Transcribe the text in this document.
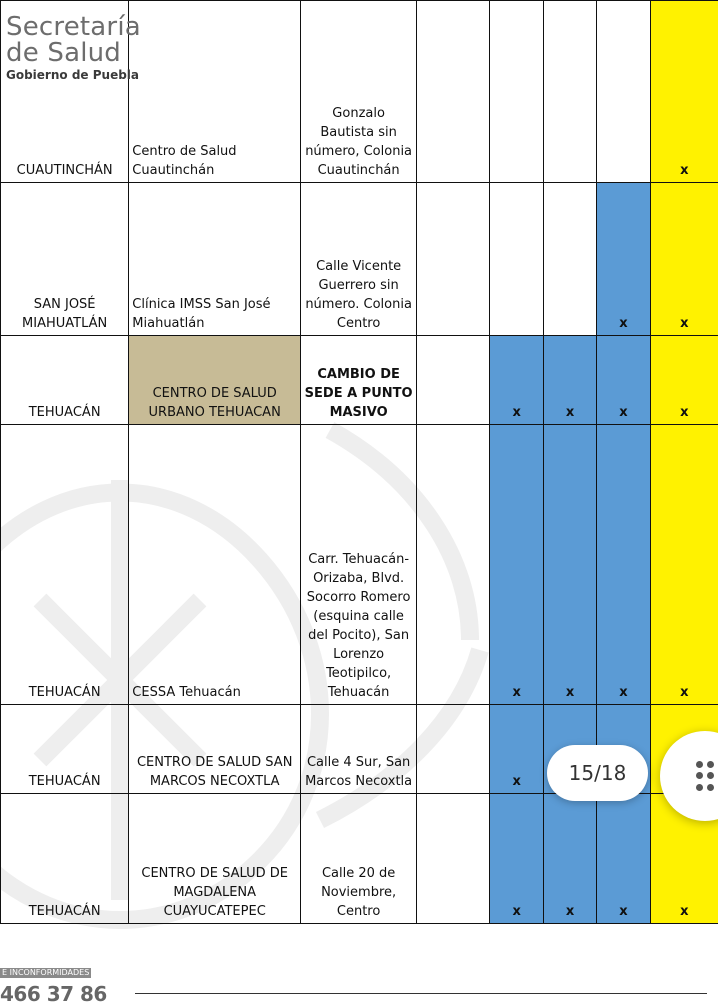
CUAUTINCHÁN	Centro de Salud Cuautinchán	Gonzalo Bautista sin número, Colonia Cuautinchán					x
SAN JOSÉ MIAHUATLÁN	Clínica IMSS San José Miahuatlán	Calle Vicente Guerrero sin número. Colonia Centro				x	x
TEHUACÁN	CENTRO DE SALUD URBANO TEHUACAN	CAMBIO DE SEDE A PUNTO MASIVO		x	x	x	x
TEHUACÁN	CESSA Tehuacán	Carr. Tehuacán-Orizaba, Blvd. Socorro Romero (esquina calle del Pocito), San Lorenzo Teotipilco, Tehuacán		x	x	x	x
TEHUACÁN	CENTRO DE SALUD SAN MARCOS NECOXTLA	Calle 4 Sur, San Marcos Necoxtla		x			
TEHUACÁN	CENTRO DE SALUD DE MAGDALENA CUAYUCATEPEC	Calle 20 de Noviembre, Centro		x	x	x	x
Secretaría
de Salud
Gobierno de Puebla
15/18
E INCONFORMIDADES
466 37 86
